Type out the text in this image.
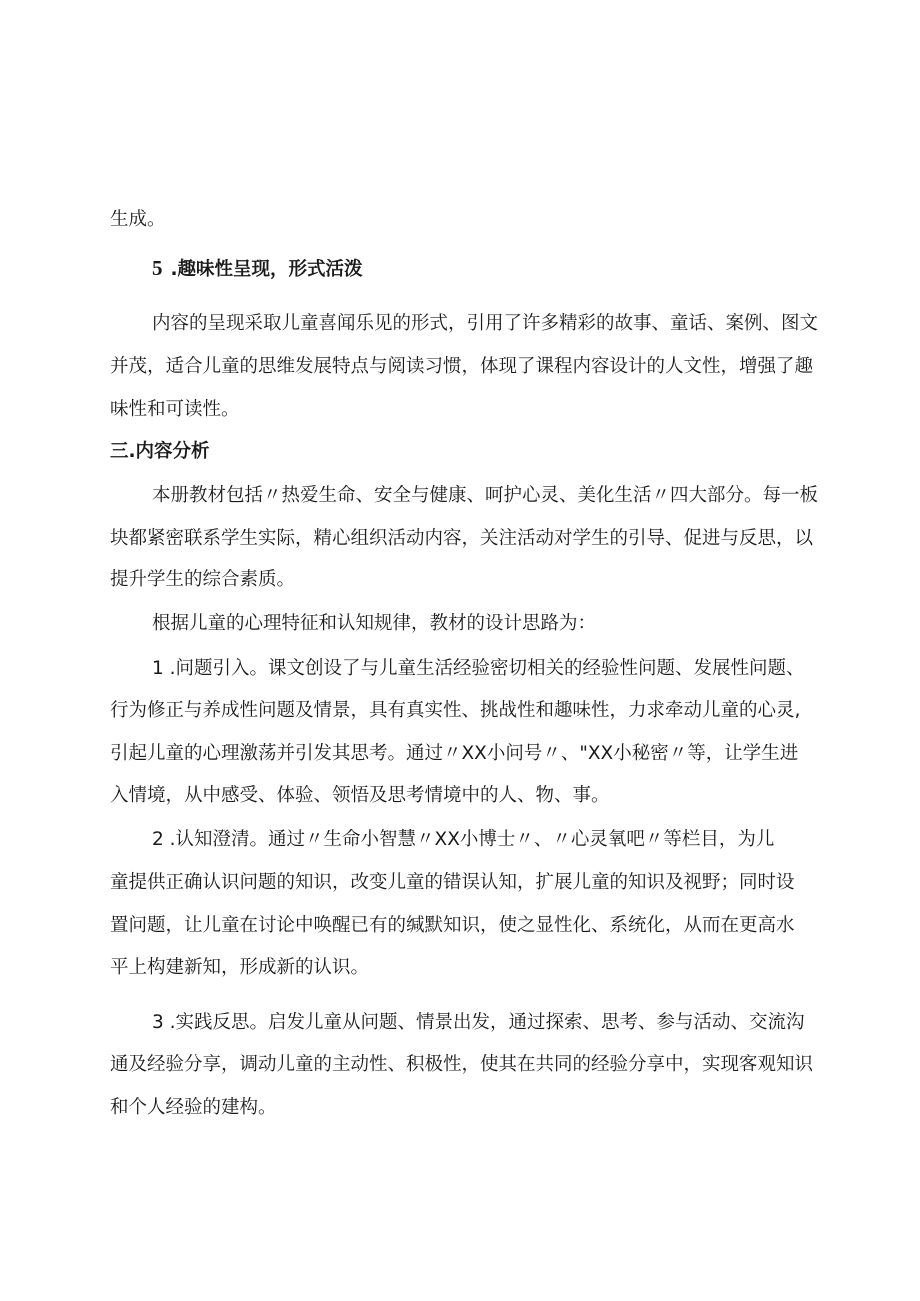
生成。
5 .趣味性呈现，形式活泼
内容的呈现采取儿童喜闻乐见的形式，引用了许多精彩的故事、童话、案例、图文
并茂，适合儿童的思维发展特点与阅读习惯，体现了课程内容设计的人文性，增强了趣
味性和可读性。
三.内容分析
本册教材包括〃热爱生命、安全与健康、呵护心灵、美化生活〃四大部分。每一板
块都紧密联系学生实际，精心组织活动内容，关注活动对学生的引导、促进与反思，以
提升学生的综合素质。
根据儿童的心理特征和认知规律，教材的设计思路为：
1 .问题引入。课文创设了与儿童生活经验密切相关的经验性问题、发展性问题、
行为修正与养成性问题及情景，具有真实性、挑战性和趣味性，力求牵动儿童的心灵,
引起儿童的心理激荡并引发其思考。通过〃XX小问号〃、"XX小秘密〃等，让学生进
入情境，从中感受、体验、领悟及思考情境中的人、物、事。
2 .认知澄清。通过〃生命小智慧〃XX小博士〃、〃心灵氧吧〃等栏目，为儿
童提供正确认识问题的知识，改变儿童的错误认知，扩展儿童的知识及视野；同时设
置问题，让儿童在讨论中唤醒已有的缄默知识，使之显性化、系统化，从而在更高水
平上构建新知，形成新的认识。
3 .实践反思。启发儿童从问题、情景出发，通过探索、思考、参与活动、交流沟
通及经验分享，调动儿童的主动性、积极性，使其在共同的经验分享中，实现客观知识
和个人经验的建构。
